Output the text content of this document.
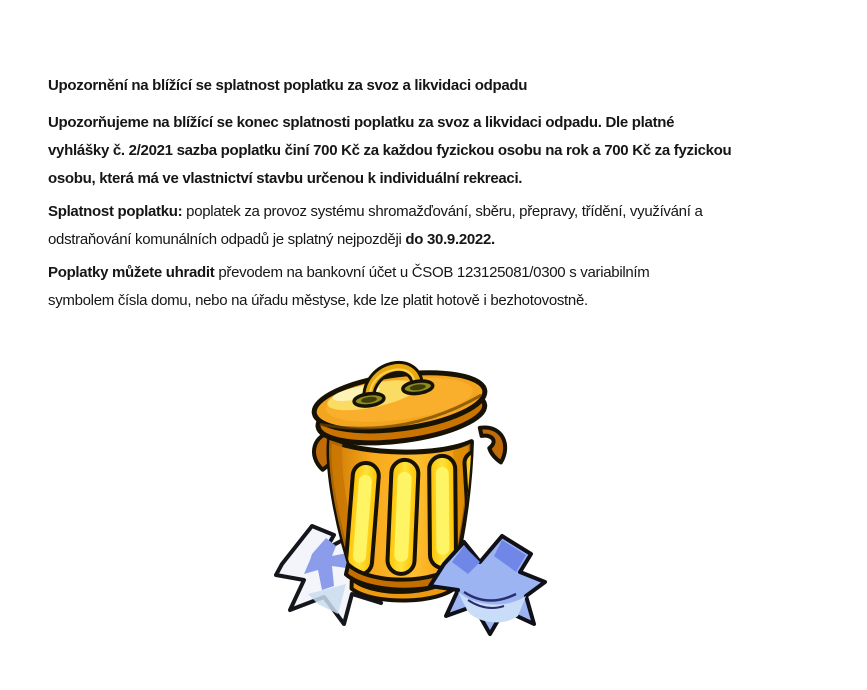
Upozornění na blížící se splatnost poplatku za svoz a likvidaci odpadu
Upozorňujeme na blížící se konec splatnosti poplatku za svoz a likvidaci odpadu. Dle platné
vyhlášky č. 2/2021 sazba poplatku činí 700 Kč za každou fyzickou osobu na rok a 700 Kč za fyzickou
osobu, která má ve vlastnictví stavbu určenou k individuální rekreaci.
Splatnost poplatku: poplatek za provoz systému shromažďování, sběru, přepravy, třídění, využívání a
odstraňování komunálních odpadů je splatný nejpozději do 30.9.2022.
Poplatky můžete uhradit převodem na bankovní účet u ČSOB 123125081/0300 s variabilním
symbolem čísla domu, nebo na úřadu městyse, kde lze platit hotově i bezhotovostně.
